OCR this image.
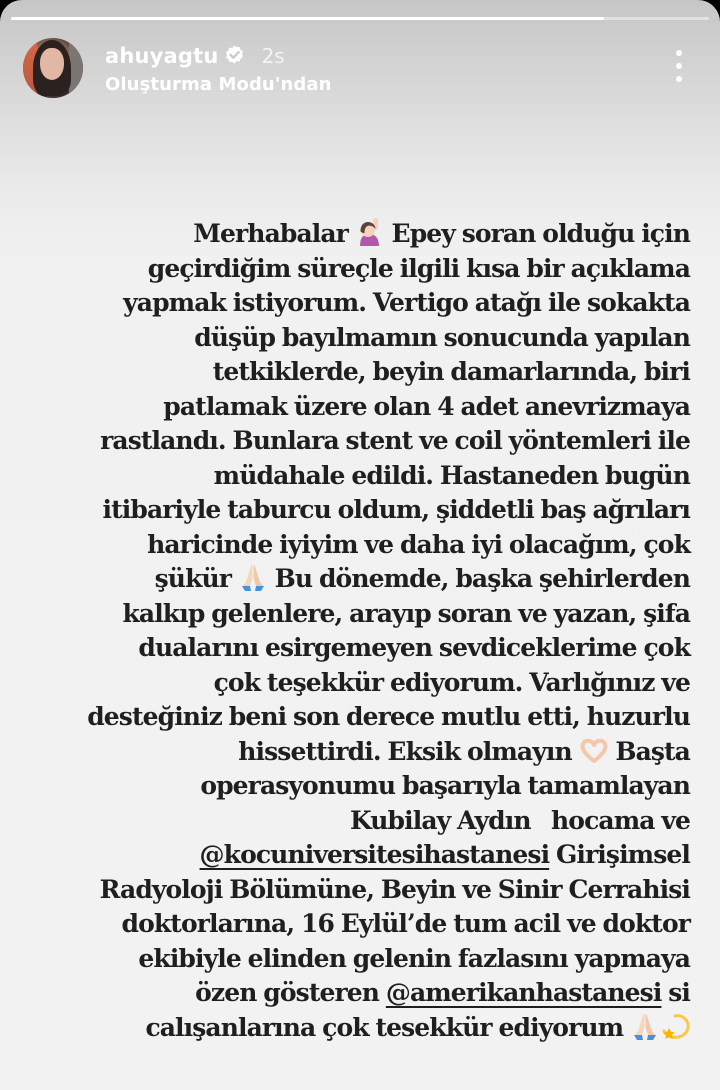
ahuyagtu 2s
Oluşturma Modu'ndan
Merhabalar  Epey soran olduğu için
geçirdiğim süreçle ilgili kısa bir açıklama
yapmak istiyorum. Vertigo atağı ile sokakta
düşüp bayılmamın sonucunda yapılan
tetkiklerde, beyin damarlarında, biri
patlamak üzere olan 4 adet anevrizmaya
rastlandı. Bunlara stent ve coil yöntemleri ile
müdahale edildi. Hastaneden bugün
itibariyle taburcu oldum, şiddetli baş ağrıları
haricinde iyiyim ve daha iyi olacağım, çok
şükür  Bu dönemde, başka şehirlerden
kalkıp gelenlere, arayıp soran ve yazan, şifa
dualarını esirgemeyen sevdiceklerime çok
çok teşekkür ediyorum. Varlığınız ve
desteğiniz beni son derece mutlu etti, huzurlu
hissettirdi. Eksik olmayın  Başta
operasyonumu başarıyla tamamlayan
Kubilay Aydın   hocama ve
@kocuniversitesihastanesi Girişimsel
Radyoloji Bölümüne, Beyin ve Sinir Cerrahisi
doktorlarına, 16 Eylül’de tum acil ve doktor
ekibiyle elinden gelenin fazlasını yapmaya
özen gösteren @amerikanhastanesi si
calışanlarına çok tesekkür ediyorum
